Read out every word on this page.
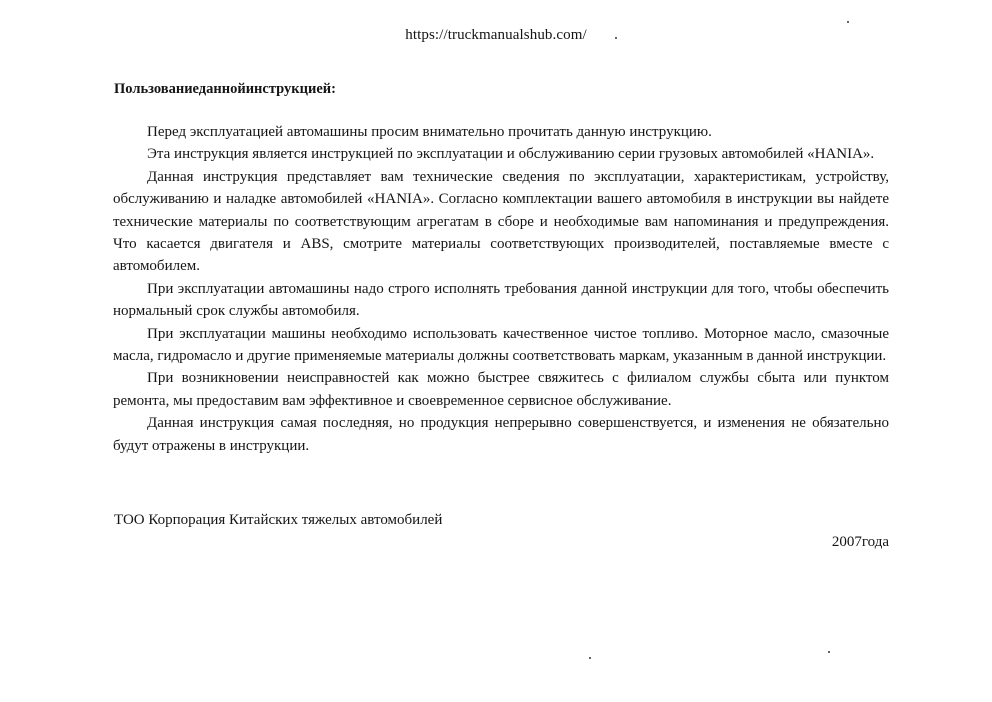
https://truckmanualshub.com/
Пользованиеданнойинструкцией:

Перед эксплуатацией автомашины просим внимательно прочитать данную инструкцию.

Эта инструкция является инструкцией по эксплуатации и обслуживанию серии грузовых автомобилей «HANIA».

Данная инструкция представляет вам технические сведения по эксплуатации, характеристикам, устройству, обслуживанию и наладке автомобилей «HANIA». Согласно комплектации вашего автомобиля в инструкции вы найдете технические материалы по соответствующим агрегатам в сборе и необходимые вам напоминания и предупреждения. Что касается двигателя и ABS, смотрите материалы соответствующих производителей, поставляемые вместе с автомобилем.

При эксплуатации автомашины надо строго исполнять требования данной инструкции для того, чтобы обеспечить нормальный срок службы автомобиля.

При эксплуатации машины необходимо использовать качественное чистое топливо. Моторное масло, смазочные масла, гидромасло и другие применяемые материалы должны соответствовать маркам, указанным в данной инструкции.

При возникновении неисправностей как можно быстрее свяжитесь с филиалом службы сбыта или пунктом ремонта, мы предоставим вам эффективное и своевременное сервисное обслуживание.

Данная инструкция самая последняя, но продукция непрерывно совершенствуется, и изменения не обязательно будут отражены в инструкции.

ТОО Корпорация Китайских тяжелых автомобилей
2007года
